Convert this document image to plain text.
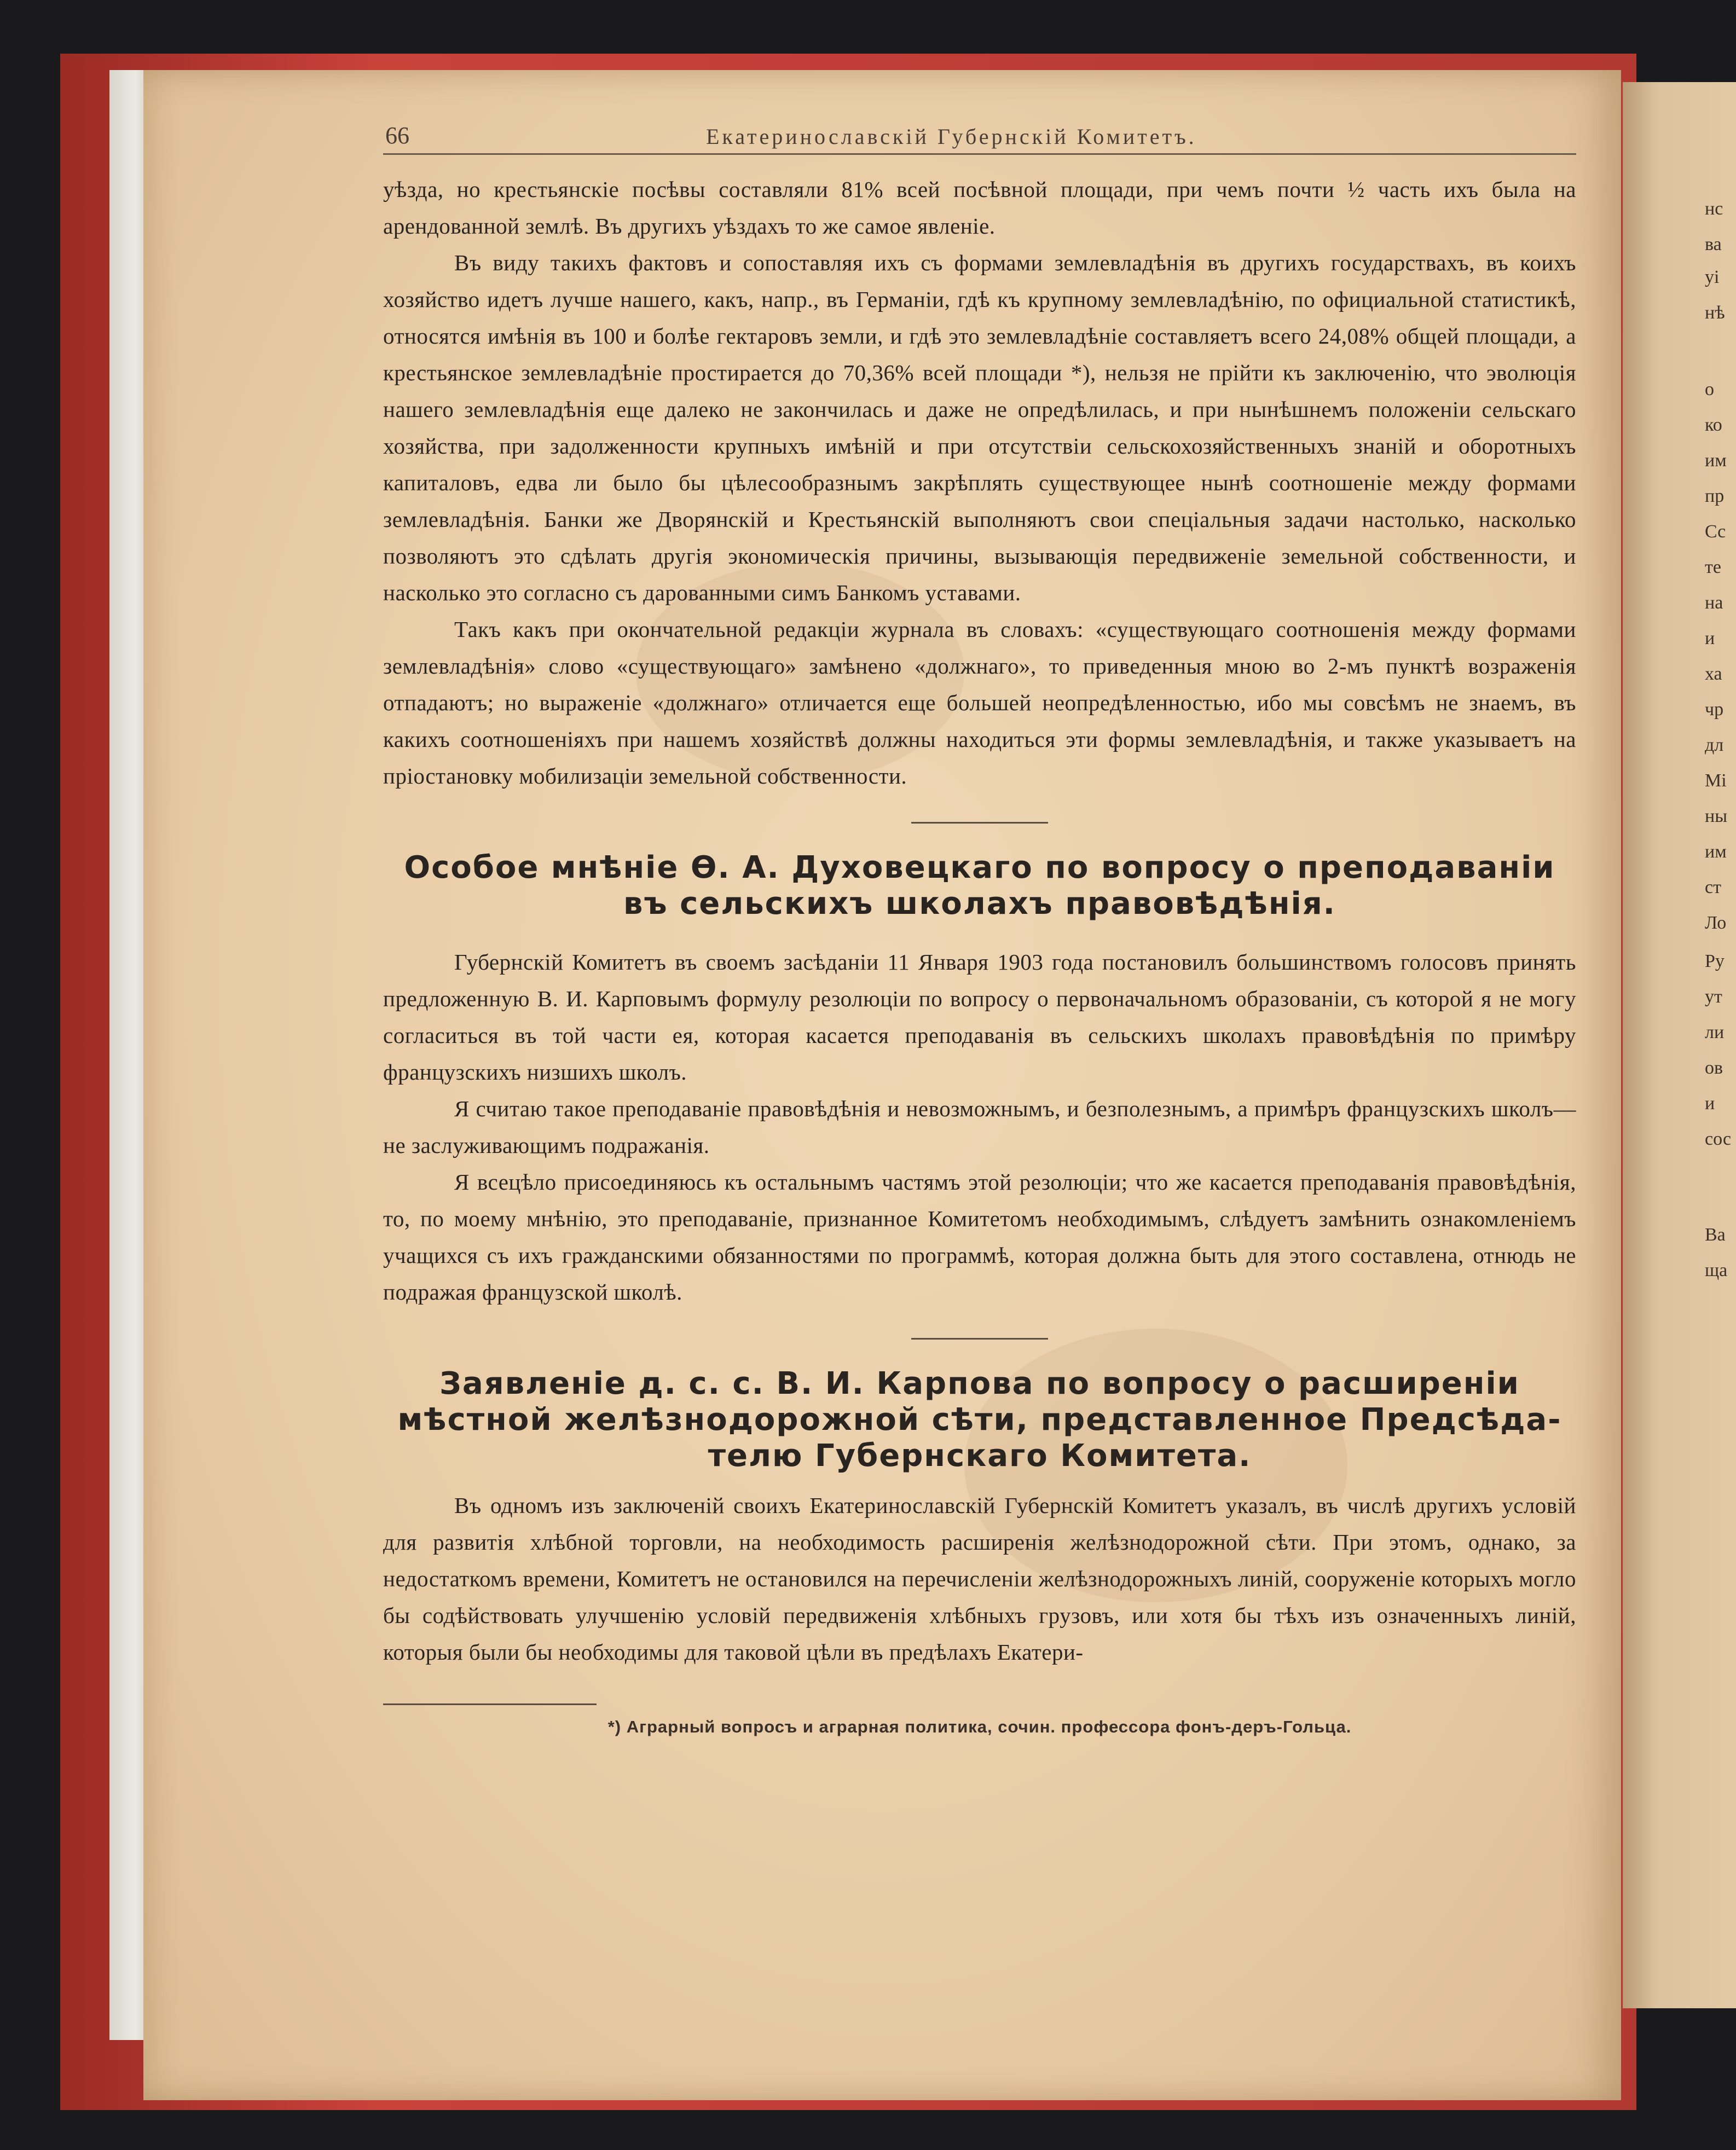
нс
ва
уі
нѣ
о
ко
им
пр
Сс
те
на
и
ха
чр
дл
Мі
ны
им
ст
Ло
Ру
ут
ли
ов
и
сос
Ва
ща
66	Екатеринославскій Губернскій Комитетъ.

уѣзда, но крестьянскіе посѣвы составляли 81% всей посѣвной площади, при чемъ почти ½ часть ихъ была на арендованной землѣ. Въ другихъ уѣздахъ то же самое явленіе.

Въ виду такихъ фактовъ и сопоставляя ихъ съ формами землевладѣнія въ другихъ государствахъ, въ коихъ хозяйство идетъ лучше нашего, какъ, напр., въ Германіи, гдѣ къ крупному землевладѣнію, по официальной статистикѣ, относятся имѣнія въ 100 и болѣе гектаровъ земли, и гдѣ это землевладѣніе составляетъ всего 24,08% общей площади, а крестьянское землевладѣніе простирается до 70,36% всей площади *), нельзя не прійти къ заключенію, что эволюція нашего землевладѣнія еще далеко не закончилась и даже не опредѣлилась, и при нынѣшнемъ положеніи сельскаго хозяйства, при задолженности крупныхъ имѣній и при отсутствіи сельскохозяйственныхъ знаній и оборотныхъ капиталовъ, едва ли было бы цѣлесообразнымъ закрѣплять существующее нынѣ соотношеніе между формами землевладѣнія. Банки же Дворянскій и Крестьянскій выполняютъ свои спеціальныя задачи настолько, насколько позволяютъ это сдѣлать другія экономическія причины, вызывающія передвиженіе земельной собственности, и насколько это согласно съ дарованными симъ Банкомъ уставами.

Такъ какъ при окончательной редакціи журнала въ словахъ: «существующаго соотношенія между формами землевладѣнія» слово «существующаго» замѣнено «должнаго», то приведенныя мною во 2-мъ пунктѣ возраженія отпадаютъ; но выраженіе «должнаго» отличается еще большей неопредѣленностью, ибо мы совсѣмъ не знаемъ, въ какихъ соотношеніяхъ при нашемъ хозяйствѣ должны находиться эти формы землевладѣнія, и также указываетъ на пріостановку мобилизаціи земельной собственности.

Особое мнѣніе Ѳ. А. Духовецкаго по вопросу о преподаваніи
въ сельскихъ школахъ правовѣдѣнія.

Губернскій Комитетъ въ своемъ засѣданіи 11 Января 1903 года постановилъ большинствомъ голосовъ принять предложенную В. И. Карповымъ формулу резолюціи по вопросу о первоначальномъ образованіи, съ которой я не могу согласиться въ той части ея, которая касается преподаванія въ сельскихъ школахъ правовѣдѣнія по примѣру французскихъ низшихъ школъ.

Я считаю такое преподаваніе правовѣдѣнія и невозможнымъ, и безполезнымъ, а примѣръ французскихъ школъ—не заслуживающимъ подражанія.

Я всецѣло присоединяюсь къ остальнымъ частямъ этой резолюціи; что же касается преподаванія правовѣдѣнія, то, по моему мнѣнію, это преподаваніе, признанное Комитетомъ необходимымъ, слѣдуетъ замѣнить ознакомленіемъ учащихся съ ихъ гражданскими обязанностями по программѣ, которая должна быть для этого составлена, отнюдь не подражая французской школѣ.

Заявленіе д. с. с. В. И. Карпова по вопросу о расширеніи
мѣстной желѣзнодорожной сѣти, представленное Предсѣда-
телю Губернскаго Комитета.

Въ одномъ изъ заключеній своихъ Екатеринославскій Губернскій Комитетъ указалъ, въ числѣ другихъ условій для развитія хлѣбной торговли, на необходимость расширенія желѣзнодорожной сѣти. При этомъ, однако, за недостаткомъ времени, Комитетъ не остановился на перечисленіи желѣзнодорожныхъ линій, сооруженіе которыхъ могло бы содѣйствовать улучшенію условій передвиженія хлѣбныхъ грузовъ, или хотя бы тѣхъ изъ означенныхъ линій, которыя были бы необходимы для таковой цѣли въ предѣлахъ Екатери-

*) Аграрный вопросъ и аграрная политика, сочин. профессора фонъ-деръ-Гольца.
